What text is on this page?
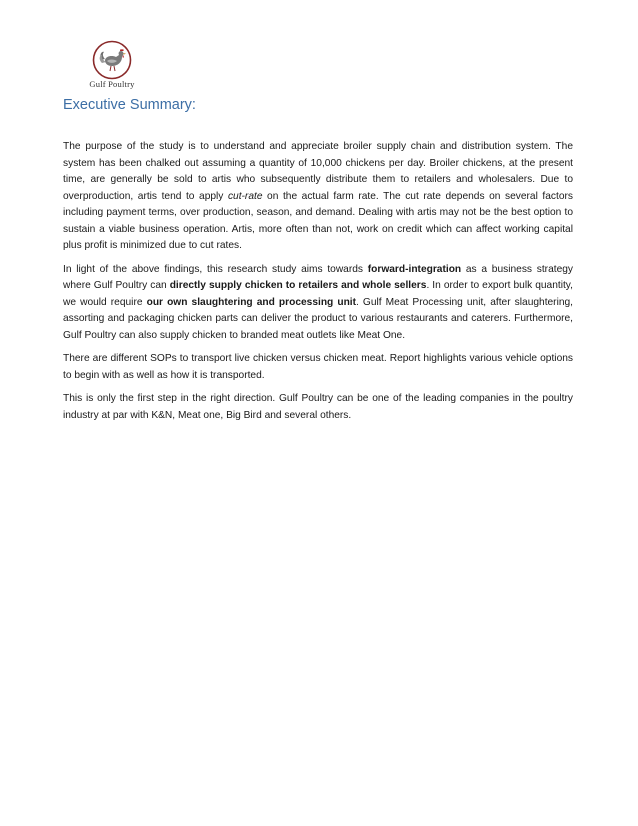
Gulf Poultry
Executive Summary:

The purpose of the study is to understand and appreciate broiler supply chain and distribution system. The system has been chalked out assuming a quantity of 10,000 chickens per day. Broiler chickens, at the present time, are generally be sold to artis who subsequently distribute them to retailers and wholesalers. Due to overproduction, artis tend to apply cut-rate on the actual farm rate. The cut rate depends on several factors including payment terms, over production, season, and demand. Dealing with artis may not be the best option to sustain a viable business operation. Artis, more often than not, work on credit which can affect working capital plus profit is minimized due to cut rates.

In light of the above findings, this research study aims towards forward-integration as a business strategy where Gulf Poultry can directly supply chicken to retailers and whole sellers. In order to export bulk quantity, we would require our own slaughtering and processing unit. Gulf Meat Processing unit, after slaughtering, assorting and packaging chicken parts can deliver the product to various restaurants and caterers. Furthermore, Gulf Poultry can also supply chicken to branded meat outlets like Meat One.

There are different SOPs to transport live chicken versus chicken meat. Report highlights various vehicle options to begin with as well as how it is transported.

This is only the first step in the right direction. Gulf Poultry can be one of the leading companies in the poultry industry at par with K&N, Meat one, Big Bird and several others.
